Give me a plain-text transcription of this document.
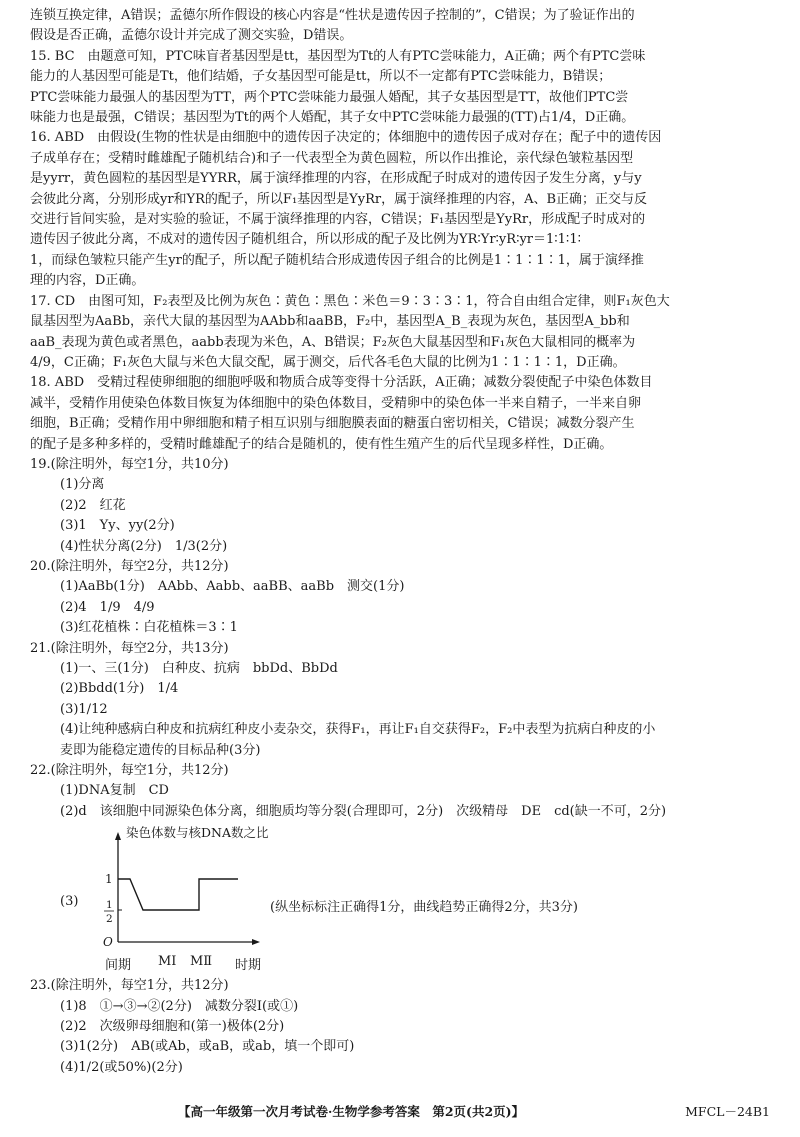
连锁互换定律，A错误；孟德尔所作假设的核心内容是“性状是遗传因子控制的”，C错误；为了验证作出的

假设是否正确，孟德尔设计并完成了测交实验，D错误。

15. BC　由题意可知，PTC味盲者基因型是tt，基因型为Tt的人有PTC尝味能力，A正确；两个有PTC尝味

能力的人基因型可能是Tt，他们结婚，子女基因型可能是tt，所以不一定都有PTC尝味能力，B错误；

PTC尝味能力最强人的基因型为TT，两个PTC尝味能力最强人婚配，其子女基因型是TT，故他们PTC尝

味能力也是最强，C错误；基因型为Tt的两个人婚配，其子女中PTC尝味能力最强的(TT)占1/4，D正确。

16. ABD　由假设(生物的性状是由细胞中的遗传因子决定的；体细胞中的遗传因子成对存在；配子中的遗传因

子成单存在；受精时雌雄配子随机结合)和子一代表型全为黄色圆粒，所以作出推论，亲代绿色皱粒基因型

是yyrr，黄色圆粒的基因型是YYRR，属于演绎推理的内容，在形成配子时成对的遗传因子发生分离，y与y

会彼此分离，分别形成yr和YR的配子，所以F₁基因型是YyRr，属于演绎推理的内容，A、B正确；正交与反

交进行旨间实验，是对实验的验证，不属于演绎推理的内容，C错误；F₁基因型是YyRr，形成配子时成对的

遗传因子彼此分离，不成对的遗传因子随机组合，所以形成的配子及比例为YR∶Yr∶yR∶yr＝1∶1∶1∶

1，而绿色皱粒只能产生yr的配子，所以配子随机结合形成遗传因子组合的比例是1∶1∶1∶1，属于演绎推

理的内容，D正确。

17. CD　由图可知，F₂表型及比例为灰色∶黄色∶黑色∶米色＝9∶3∶3∶1，符合自由组合定律，则F₁灰色大

鼠基因型为AaBb，亲代大鼠的基因型为AAbb和aaBB，F₂中，基因型A_B_表现为灰色，基因型A_bb和

aaB_表现为黄色或者黑色，aabb表现为米色，A、B错误；F₂灰色大鼠基因型和F₁灰色大鼠相同的概率为

4/9，C正确；F₁灰色大鼠与米色大鼠交配，属于测交，后代各毛色大鼠的比例为1∶1∶1∶1，D正确。

18. ABD　受精过程使卵细胞的细胞呼吸和物质合成等变得十分活跃，A正确；减数分裂使配子中染色体数目

减半，受精作用使染色体数目恢复为体细胞中的染色体数目，受精卵中的染色体一半来自精子，一半来自卵

细胞，B正确；受精作用中卵细胞和精子相互识别与细胞膜表面的糖蛋白密切相关，C错误；减数分裂产生

的配子是多种多样的，受精时雌雄配子的结合是随机的，使有性生殖产生的后代呈现多样性，D正确。

19.(除注明外，每空1分，共10分)

(1)分离

(2)2　红花

(3)1　Yy、yy(2分)

(4)性状分离(2分)　1/3(2分)

20.(除注明外，每空2分，共12分)

(1)AaBb(1分)　AAbb、Aabb、aaBB、aaBb　测交(1分)

(2)4　1/9　4/9

(3)红花植株∶白花植株＝3∶1

21.(除注明外，每空2分，共13分)

(1)一、三(1分)　白种皮、抗病　bbDd、BbDd

(2)Bbdd(1分)　1/4

(3)1/12

(4)让纯种感病白种皮和抗病红种皮小麦杂交，获得F₁，再让F₁自交获得F₂，F₂中表型为抗病白种皮的小

麦即为能稳定遗传的目标品种(3分)

22.(除注明外，每空1分，共12分)

(1)DNA复制　CD

(2)d　该细胞中同源染色体分离，细胞质均等分裂(合理即可，2分)　次级精母　DE　cd(缺一不可，2分)

(3)
染色体数与核DNA数之比
1
1
2
O
(纵坐标标注正确得1分，曲线趋势正确得2分，共3分)
间期 MⅠ MⅡ 时期

23.(除注明外，每空1分，共12分)

(1)8　①→③→②(2分)　减数分裂Ⅰ(或①)

(2)2　次级卵母细胞和(第一)极体(2分)

(3)1(2分)　AB(或Ab，或aB，或ab，填一个即可)

(4)1/2(或50%)(2分)

【高一年级第一次月考试卷·生物学参考答案　第2页(共2页)】	MFCL－24B1
